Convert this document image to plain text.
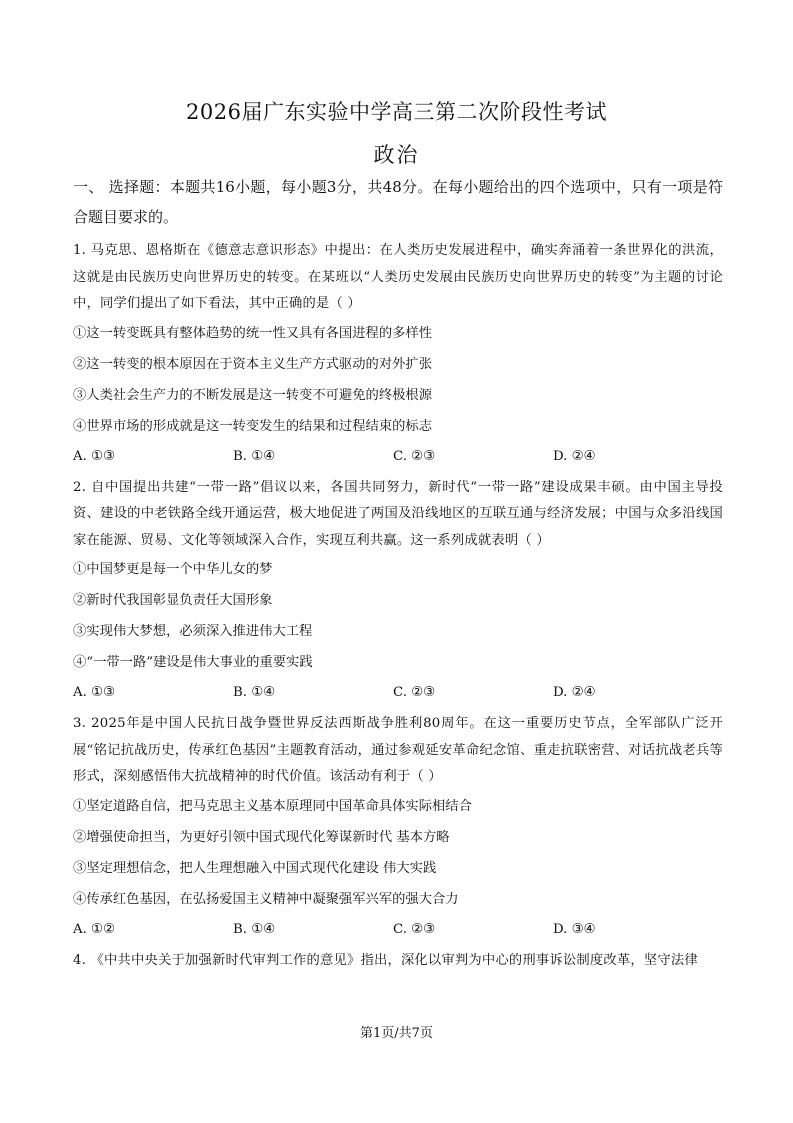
2026届广东实验中学高三第二次阶段性考试
政治

一、 选择题：本题共16小题，每小题3分，共48分。在每小题给出的四个选项中，只有一项是符合题目要求的。

1. 马克思、恩格斯在《德意志意识形态》中提出：在人类历史发展进程中，确实奔涌着一条世界化的洪流，这就是由民族历史向世界历史的转变。在某班以“人类历史发展由民族历史向世界历史的转变”为主题的讨论中，同学们提出了如下看法，其中正确的是（ ）

①这一转变既具有整体趋势的统一性又具有各国进程的多样性

②这一转变的根本原因在于资本主义生产方式驱动的对外扩张

③人类社会生产力的不断发展是这一转变不可避免的终极根源

④世界市场的形成就是这一转变发生的结果和过程结束的标志

A. ①③	B. ①④	C. ②③	D. ②④

2. 自中国提出共建“一带一路”倡议以来，各国共同努力，新时代“一带一路”建设成果丰硕。由中国主导投资、建设的中老铁路全线开通运营，极大地促进了两国及沿线地区的互联互通与经济发展；中国与众多沿线国家在能源、贸易、文化等领域深入合作，实现互利共赢。这一系列成就表明（ ）

①中国梦更是每一个中华儿女的梦

②新时代我国彰显负责任大国形象

③实现伟大梦想，必须深入推进伟大工程

④“一带一路”建设是伟大事业的重要实践

A. ①③	B. ①④	C. ②③	D. ②④

3. 2025年是中国人民抗日战争暨世界反法西斯战争胜利80周年。在这一重要历史节点，全军部队广泛开展“铭记抗战历史，传承红色基因”主题教育活动，通过参观延安革命纪念馆、重走抗联密营、对话抗战老兵等形式，深刻感悟伟大抗战精神的时代价值。该活动有利于（ ）

①坚定道路自信，把马克思主义基本原理同中国革命具体实际相结合

②增强使命担当，为更好引领中国式现代化筹谋新时代 基本方略

③坚定理想信念，把人生理想融入中国式现代化建设 伟大实践

④传承红色基因，在弘扬爱国主义精神中凝聚强军兴军的强大合力

A. ①②	B. ①④	C. ②③	D. ③④

4. 《中共中央关于加强新时代审判工作的意见》指出，深化以审判为中心的刑事诉讼制度改革，坚守法律

第1页/共7页
